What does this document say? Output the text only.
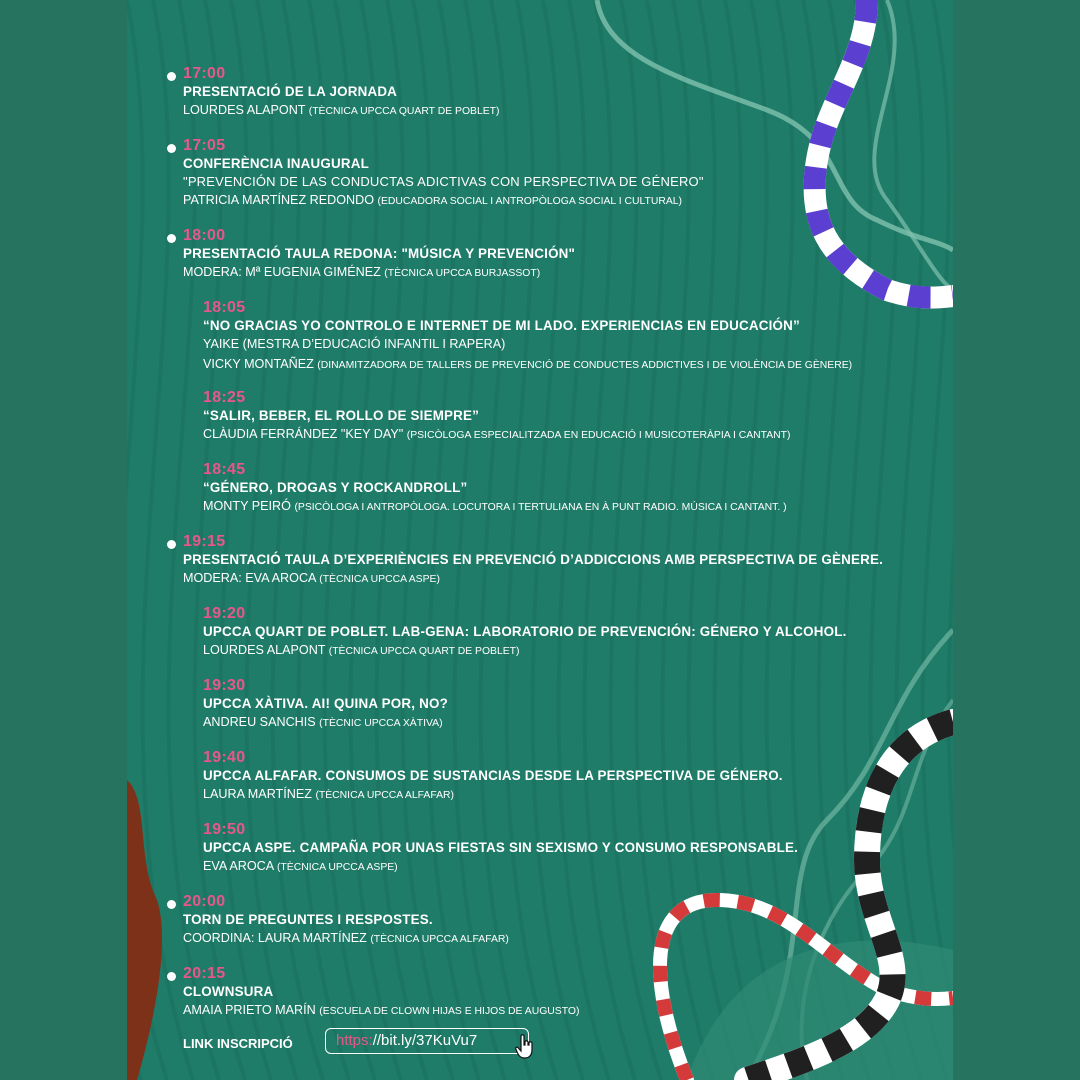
17:00
PRESENTACIÓ DE LA JORNADA
LOURDES ALAPONT (TÈCNICA UPCCA QUART DE POBLET)
17:05
CONFERÈNCIA INAUGURAL
"PREVENCIÓN DE LAS CONDUCTAS ADICTIVAS CON PERSPECTIVA DE GÉNERO"
PATRICIA MARTÍNEZ REDONDO (EDUCADORA SOCIAL I ANTROPÒLOGA SOCIAL I CULTURAL)
18:00
PRESENTACIÓ TAULA REDONA: "MÚSICA Y PREVENCIÓN"
MODERA: Mª EUGENIA GIMÉNEZ (TÈCNICA UPCCA BURJASSOT)
18:05
“NO GRACIAS YO CONTROLO E INTERNET DE MI LADO. EXPERIENCIAS EN EDUCACIÓN”
YAIKE (MESTRA D’EDUCACIÓ INFANTIL I RAPERA)
VICKY MONTAÑEZ (DINAMITZADORA DE TALLERS DE PREVENCIÓ DE CONDUCTES ADDICTIVES I DE VIOLÈNCIA DE GÈNERE)
18:25
“SALIR, BEBER, EL ROLLO DE SIEMPRE”
CLÀUDIA FERRÁNDEZ "KEY DAY" (PSICÒLOGA ESPECIALITZADA EN EDUCACIÓ I MUSICOTERÀPIA I CANTANT)
18:45
“GÉNERO, DROGAS Y ROCKANDROLL”
MONTY PEIRÓ (PSICÒLOGA I ANTROPÒLOGA. LOCUTORA I TERTULIANA EN À PUNT RADIO. MÚSICA I CANTANT. )
19:15
PRESENTACIÓ TAULA D’EXPERIÈNCIES EN PREVENCIÓ D’ADDICCIONS AMB PERSPECTIVA DE GÈNERE.
MODERA: EVA AROCA (TÈCNICA UPCCA ASPE)
19:20
UPCCA QUART DE POBLET. LAB-GENA: LABORATORIO DE PREVENCIÓN: GÉNERO Y ALCOHOL.
LOURDES ALAPONT (TÈCNICA UPCCA QUART DE POBLET)
19:30
UPCCA XÀTIVA. AI! QUINA POR, NO?
ANDREU SANCHIS (TÈCNIC UPCCA XÀTIVA)
19:40
UPCCA ALFAFAR. CONSUMOS DE SUSTANCIAS DESDE LA PERSPECTIVA DE GÉNERO.
LAURA MARTÍNEZ (TÈCNICA UPCCA ALFAFAR)
19:50
UPCCA ASPE. CAMPAÑA POR UNAS FIESTAS SIN SEXISMO Y CONSUMO RESPONSABLE.
EVA AROCA (TÈCNICA UPCCA ASPE)
20:00
TORN DE PREGUNTES I RESPOSTES.
COORDINA: LAURA MARTÍNEZ (TÈCNICA UPCCA ALFAFAR)
20:15
CLOWNSURA
AMAIA PRIETO MARÍN (ESCUELA DE CLOWN HIJAS E HIJOS DE AUGUSTO)
LINK INSCRIPCIÓ	https://bit.ly/37KuVu7
